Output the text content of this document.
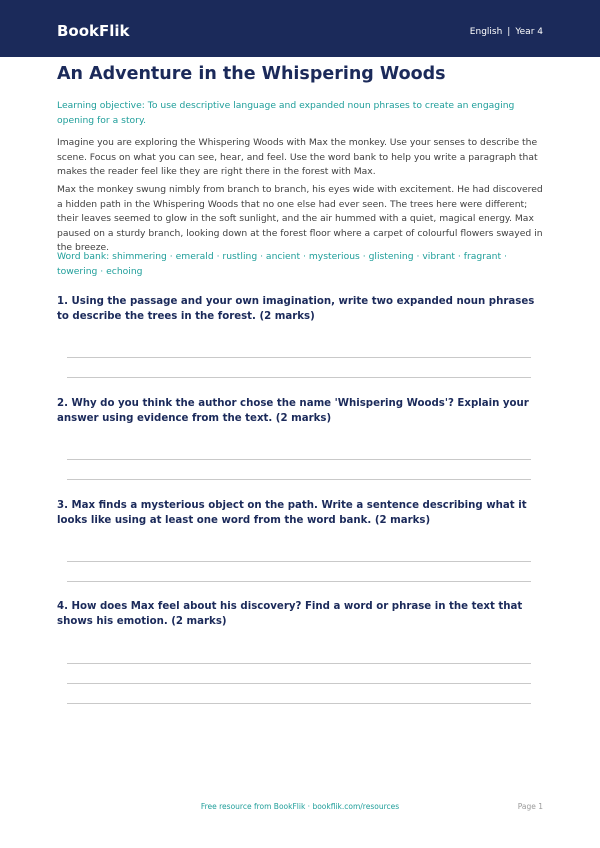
BookFlik	English | Year 4
An Adventure in the Whispering Woods

Learning objective: To use descriptive language and expanded noun phrases to create an engaging opening for a story.

Imagine you are exploring the Whispering Woods with Max the monkey. Use your senses to describe the scene. Focus on what you can see, hear, and feel. Use the word bank to help you write a paragraph that makes the reader feel like they are right there in the forest with Max.

Max the monkey swung nimbly from branch to branch, his eyes wide with excitement. He had discovered a hidden path in the Whispering Woods that no one else had ever seen. The trees here were different; their leaves seemed to glow in the soft sunlight, and the air hummed with a quiet, magical energy. Max paused on a sturdy branch, looking down at the forest floor where a carpet of colourful flowers swayed in the breeze.

Word bank: shimmering · emerald · rustling · ancient · mysterious · glistening · vibrant · fragrant · towering · echoing

1. Using the passage and your own imagination, write two expanded noun phrases to describe the trees in the forest. (2 marks)

2. Why do you think the author chose the name 'Whispering Woods'? Explain your answer using evidence from the text. (2 marks)

3. Max finds a mysterious object on the path. Write a sentence describing what it looks like using at least one word from the word bank. (2 marks)

4. How does Max feel about his discovery? Find a word or phrase in the text that shows his emotion. (2 marks)

Free resource from BookFlik · bookflik.com/resources	Page 1
